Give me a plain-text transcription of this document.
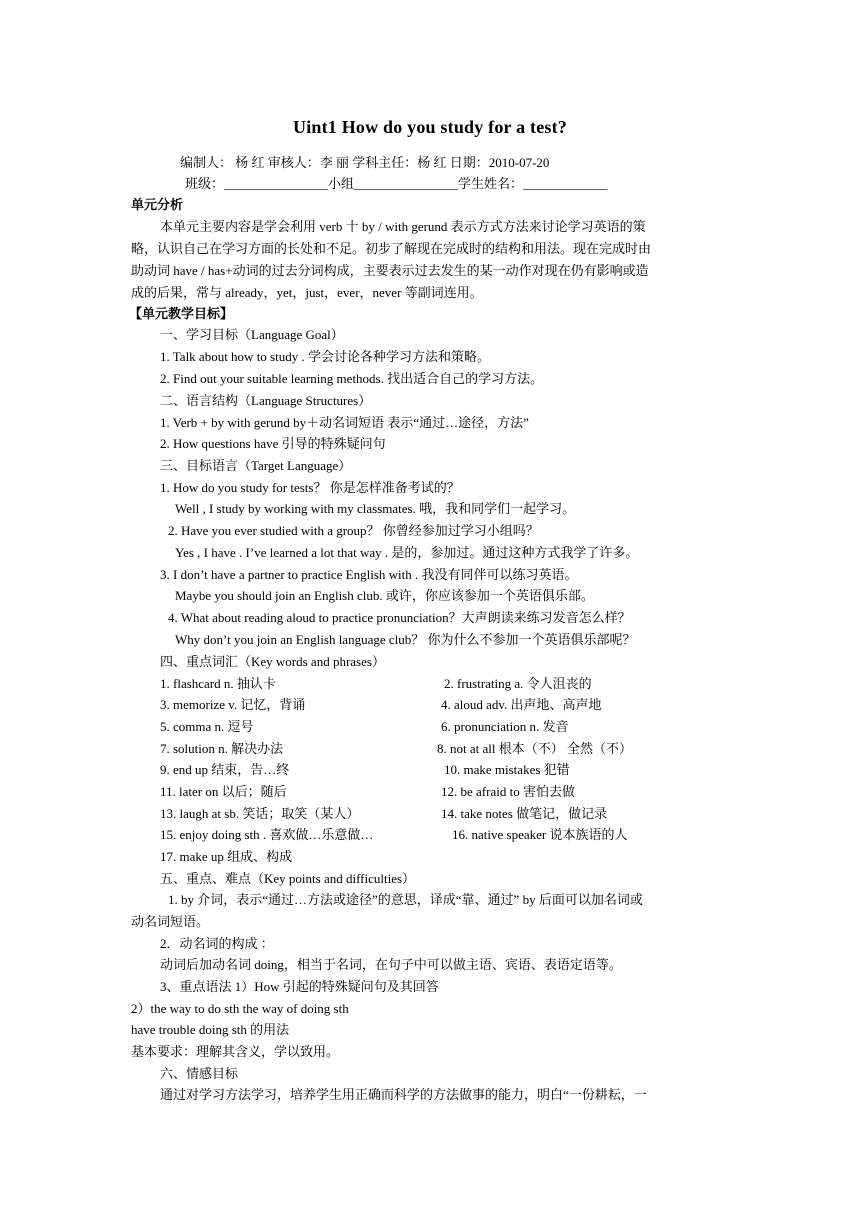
Uint1 How do you study for a test?
编制人： 杨 红 审核人：李 丽 学科主任：杨 红 日期：2010-07-20
班级：________________小组________________学生姓名：_____________
单元分析
本单元主要内容是学会利用 verb 十 by / with gerund 表示方式方法来讨论学习英语的策
略，认识自己在学习方面的长处和不足。初步了解现在完成时的结构和用法。现在完成时由
助动词 have / has+动词的过去分词构成，主要表示过去发生的某一动作对现在仍有影响或造
成的后果，常与 already，yet，just，ever，never 等副词连用。
【单元教学目标】
一、学习目标（Language Goal）
1. Talk about how to study . 学会讨论各种学习方法和策略。
2. Find out your suitable learning methods. 找出适合自己的学习方法。
二、语言结构（Language Structures）
1. Verb + by with gerund by＋动名词短语 表示“通过…途径，方法”
2. How questions have 引导的特殊疑问句
三、目标语言（Target Language）
1. How do you study for tests？ 你是怎样准备考试的？
Well , I study by working with my classmates. 哦，我和同学们一起学习。
2. Have you ever studied with a group？ 你曾经参加过学习小组吗？
Yes , I have . I’ve learned a lot that way . 是的，参加过。通过这种方式我学了许多。
3. I don’t have a partner to practice English with . 我没有同伴可以练习英语。
Maybe you should join an English club. 或许，你应该参加一个英语俱乐部。
4. What about reading aloud to practice pronunciation？大声朗读来练习发音怎么样？
Why don’t you join an English language club？ 你为什么不参加一个英语俱乐部呢？
四、重点词汇（Key words and phrases）
1. flashcard n. 抽认卡	2. frustrating a. 令人沮丧的
3. memorize v. 记忆，背诵	4. aloud adv. 出声地、高声地
5. comma n. 逗号	6. pronunciation n. 发音
7. solution n. 解决办法	8. not at all 根本（不） 全然（不）
9. end up 结束，告…终	10. make mistakes 犯错
11. later on 以后；随后	12. be afraid to 害怕去做
13. laugh at sb. 笑话；取笑（某人）	14. take notes 做笔记，做记录
15. enjoy doing sth . 喜欢做…乐意做…	16. native speaker 说本族语的人
17. make up 组成、构成
五、重点、难点（Key points and difficulties）
1. by 介词，表示“通过…方法或途径”的意思，译成“靠、通过” by 后面可以加名词或
动名词短语。
2．动名词的构成 ：
动词后加动名词 doing，相当于名词，在句子中可以做主语、宾语、表语定语等。
3、重点语法 1）How 引起的特殊疑问句及其回答
2）the way to do sth the way of doing sth
have trouble doing sth 的用法
基本要求：理解其含义，学以致用。
六、情感目标
通过对学习方法学习，培养学生用正确而科学的方法做事的能力，明白“一份耕耘，一
